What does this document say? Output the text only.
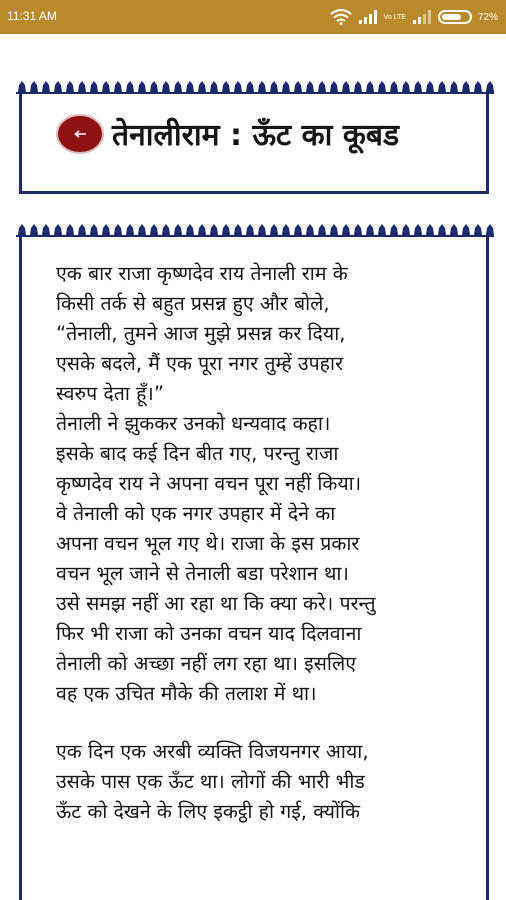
11:31 AM	Vo LTE	72%
तेनालीराम : ऊँट का कूबड

एक बार राजा कृष्णदेव राय तेनाली राम के
किसी तर्क से बहुत प्रसन्न हुए और बोले,
“तेनाली, तुमने आज मुझे प्रसन्न कर दिया,
एसके बदले, मैं एक पूरा नगर तुम्हें उपहार
स्वरुप देता हूँ।”
तेनाली ने झुककर उनको धन्यवाद कहा।
इसके बाद कई दिन बीत गए, परन्तु राजा
कृष्णदेव राय ने अपना वचन पूरा नहीं किया।
वे तेनाली को एक नगर उपहार में देने का
अपना वचन भूल गए थे। राजा के इस प्रकार
वचन भूल जाने से तेनाली बडा परेशान था।
उसे समझ नहीं आ रहा था कि क्या करे। परन्तु
फिर भी राजा को उनका वचन याद दिलवाना
तेनाली को अच्छा नहीं लग रहा था। इसलिए
वह एक उचित मौके की तलाश में था।

एक दिन एक अरबी व्यक्ति विजयनगर आया,
उसके पास एक ऊँट था। लोगों की भारी भीड
ऊँट को देखने के लिए इकट्ठी हो गई, क्योंकि
